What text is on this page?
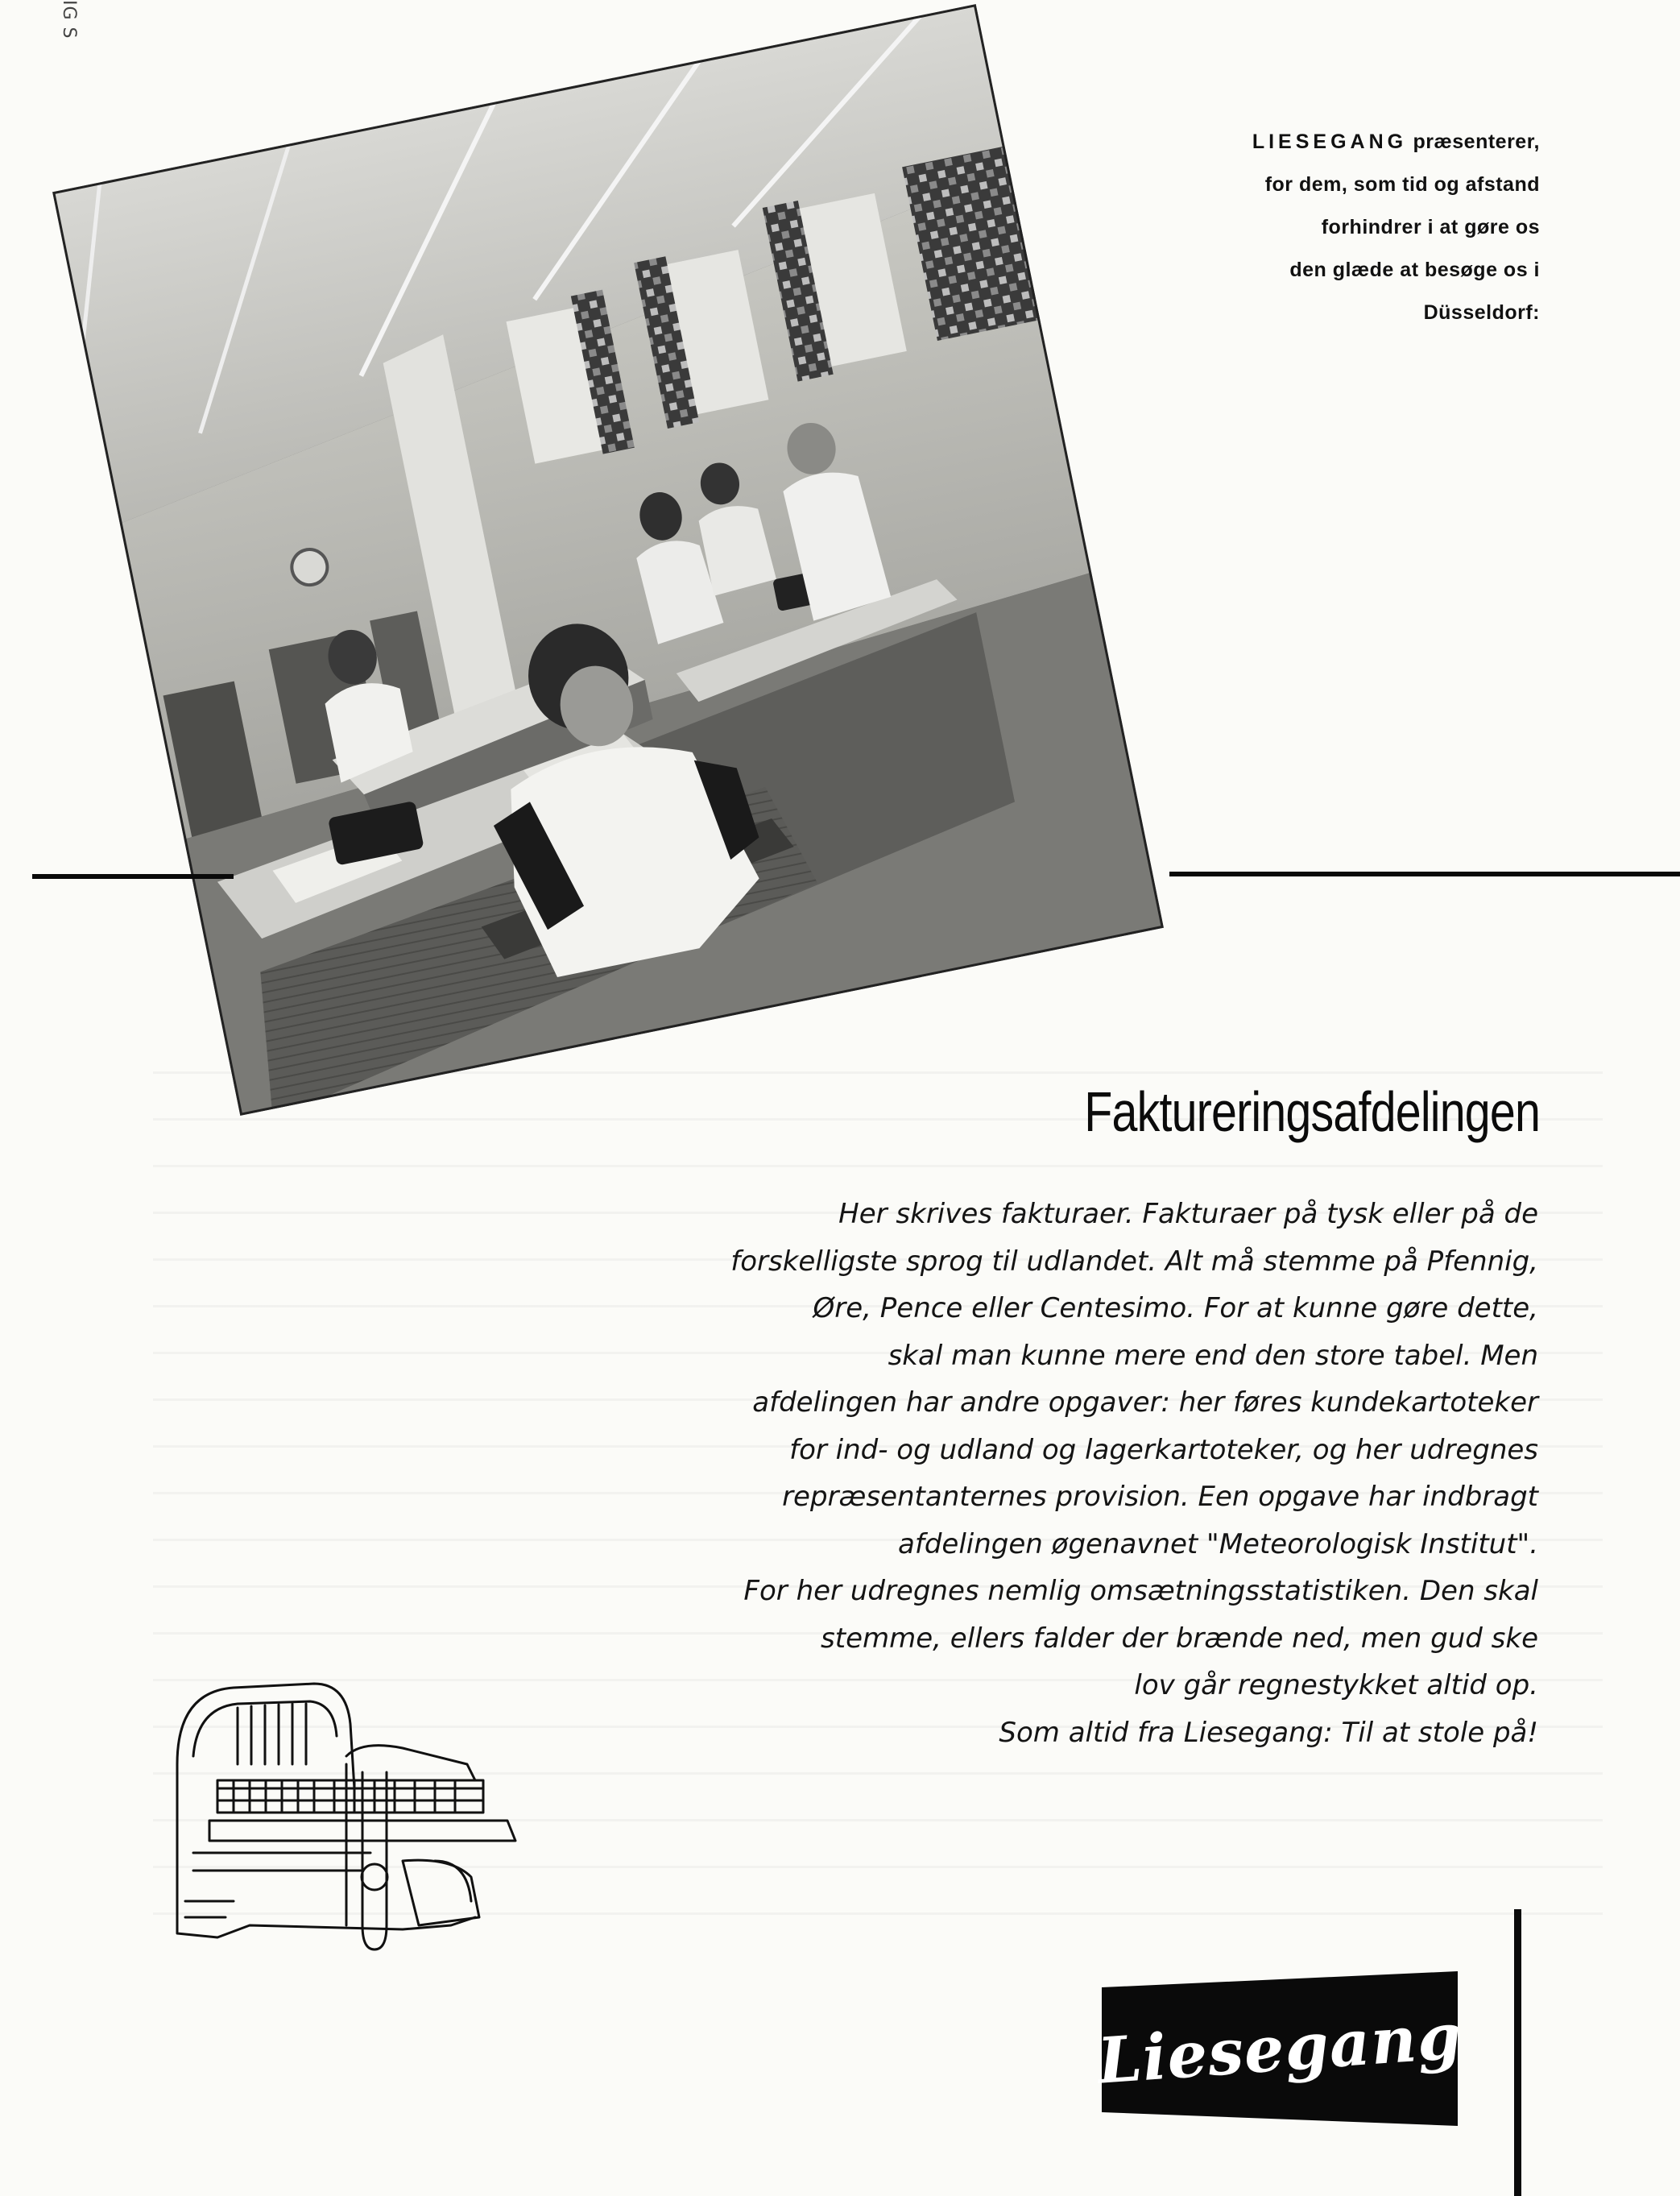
IG S
LIESEGANG præsenterer,
for dem, som tid og afstand
forhindrer i at gøre os
den glæde at besøge os i
Düsseldorf:
Faktureringsafdelingen
Her skrives fakturaer. Fakturaer på tysk eller på de
forskelligste sprog til udlandet. Alt må stemme på Pfennig,
Øre, Pence eller Centesimo. For at kunne gøre dette,
skal man kunne mere end den store tabel. Men
afdelingen har andre opgaver: her føres kundekartoteker
for ind- og udland og lagerkartoteker, og her udregnes
repræsentanternes provision. Een opgave har indbragt
afdelingen øgenavnet "Meteorologisk Institut".
For her udregnes nemlig omsætningsstatistiken. Den skal
stemme, ellers falder der brænde ned, men gud ske
lov går regnestykket altid op.
Som altid fra Liesegang: Til at stole på!
Liesegang
